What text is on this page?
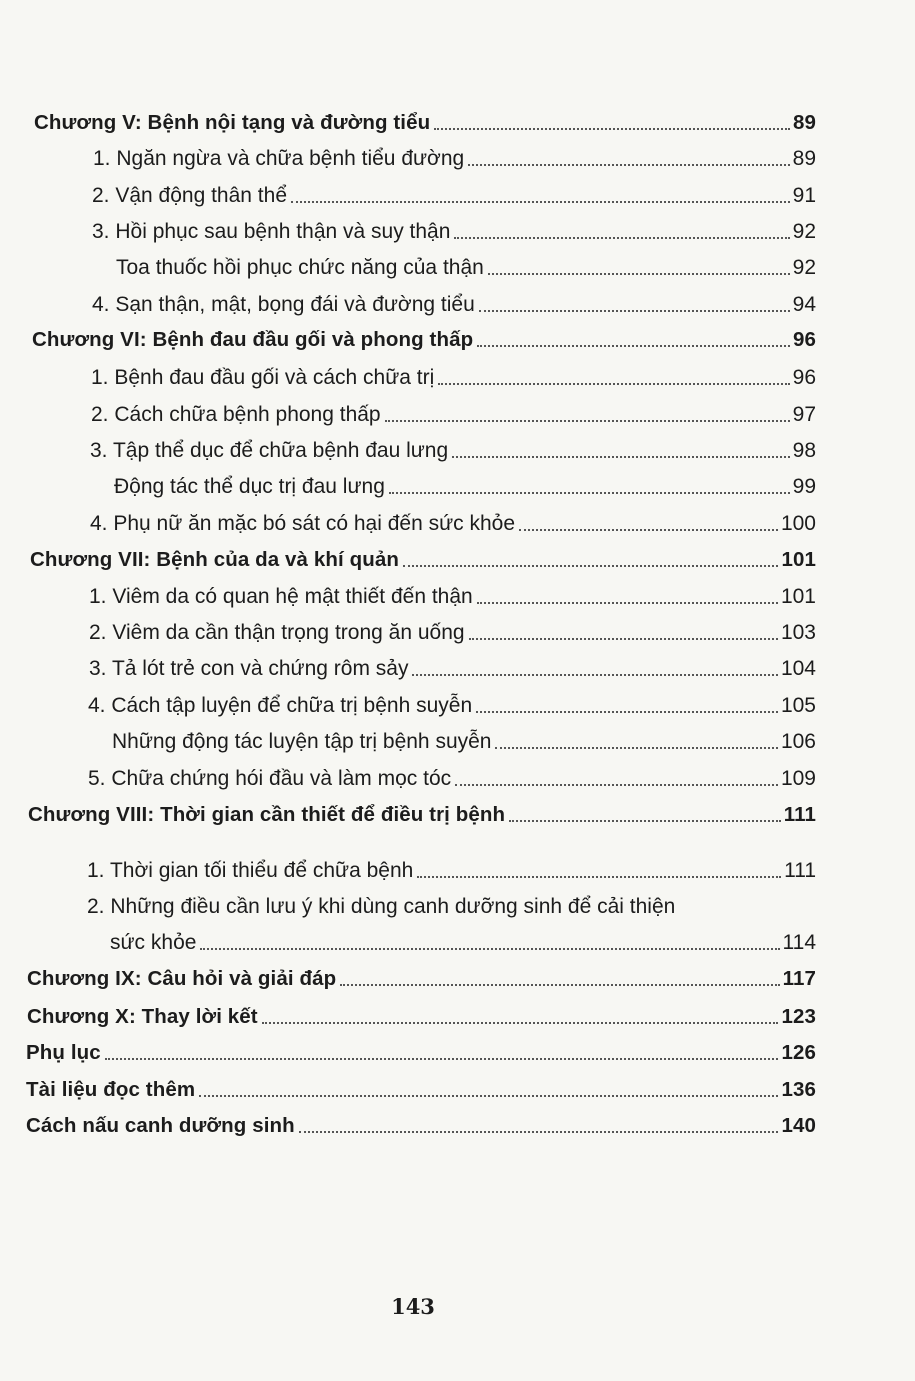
Chương V: Bệnh nội tạng và đường tiểu	89
1. Ngăn ngừa và chữa bệnh tiểu đường	89
2. Vận động thân thể	91
3. Hồi phục sau bệnh thận và suy thận	92
Toa thuốc hồi phục chức năng của thận	92
4. Sạn thận, mật, bọng đái và đường tiểu	94
Chương VI: Bệnh đau đầu gối và phong thấp	96
1. Bệnh đau đầu gối và cách chữa trị	96
2. Cách chữa bệnh phong thấp	97
3. Tập thể dục để chữa bệnh đau lưng	98
Động tác thể dục trị đau lưng	99
4. Phụ nữ ăn mặc bó sát có hại đến sức khỏe	100
Chương VII: Bệnh của da và khí quản	101
1. Viêm da có quan hệ mật thiết đến thận	101
2. Viêm da cần thận trọng trong ăn uống	103
3. Tả lót trẻ con và chứng rôm sảy	104
4. Cách tập luyện để chữa trị bệnh suyễn	105
Những động tác luyện tập trị bệnh suyễn	106
5. Chữa chứng hói đầu và làm mọc tóc	109
Chương VIII: Thời gian cần thiết để điều trị bệnh	111
1. Thời gian tối thiểu để chữa bệnh	111
2. Những điều cần lưu ý khi dùng canh dưỡng sinh để cải thiện
sức khỏe	114
Chương IX: Câu hỏi và giải đáp	117
Chương X: Thay lời kết	123
Phụ lục	126
Tài liệu đọc thêm	136
Cách nấu canh dưỡng sinh	140
143
